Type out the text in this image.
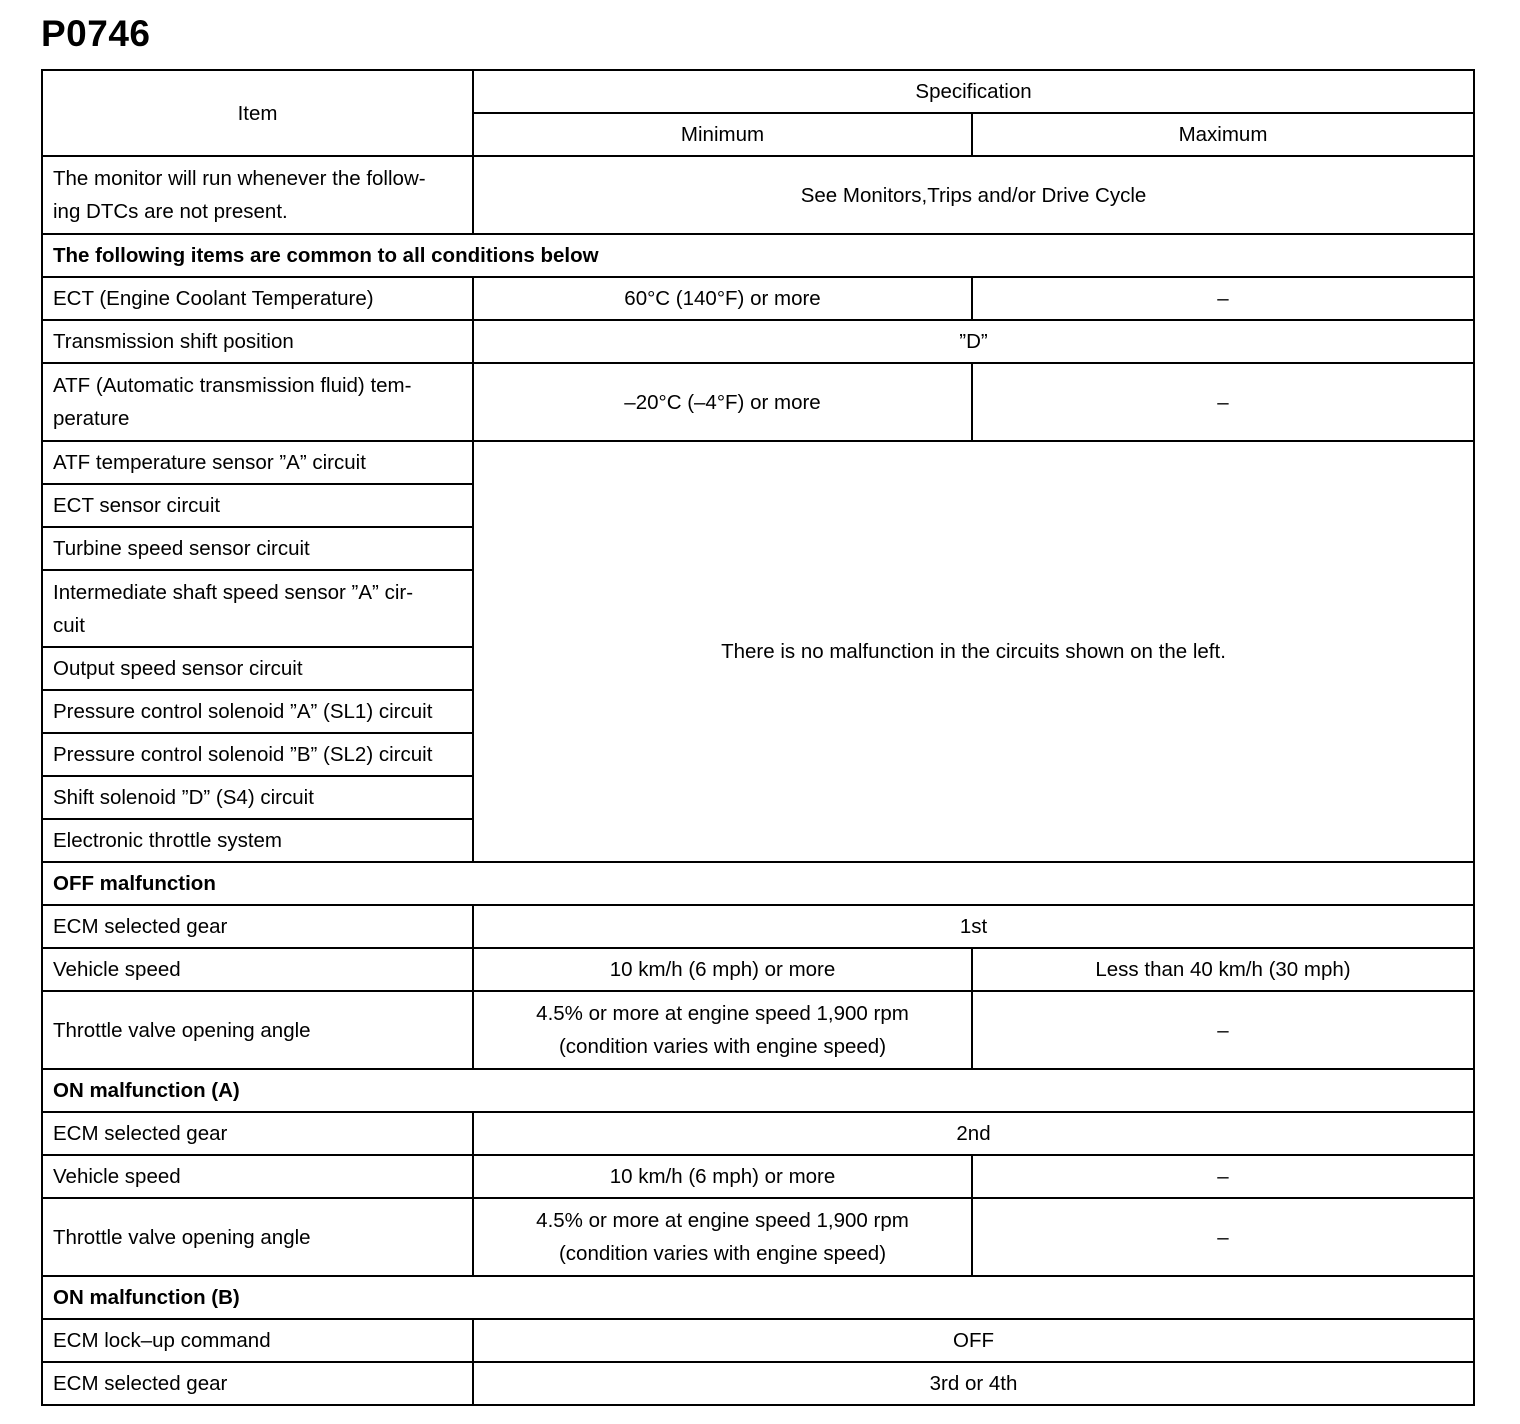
P0746
Item	Specification	
	Minimum	Maximum

The monitor will run whenever the follow-
ing DTCs are not present.	See Monitors,Trips and/or Drive Cycle	
The following items are common to all conditions below		
ECT (Engine Coolant Temperature)	60°C (140°F) or more	–
Transmission shift position	”D”	

ATF (Automatic transmission fluid) tem-
perature	–20°C (–4°F) or more	–
ATF temperature sensor ”A” circuit	There is no malfunction in the circuits shown on the left.	
ECT sensor circuit		
Turbine speed sensor circuit		

Intermediate shaft speed sensor ”A” cir-
cuit		

Output speed sensor circuit		
Pressure control solenoid ”A” (SL1) circuit		
Pressure control solenoid ”B” (SL2) circuit		
Shift solenoid ”D” (S4) circuit		
Electronic throttle system		
OFF malfunction		
ECM selected gear	1st	
Vehicle speed	10 km/h (6 mph) or more	Less than 40 km/h (30 mph)
Throttle valve opening angle	4.5% or more at engine speed 1,900 rpm
(condition varies with engine speed)	–
ON malfunction (A)		
ECM selected gear	2nd	
Vehicle speed	10 km/h (6 mph) or more	–
Throttle valve opening angle	4.5% or more at engine speed 1,900 rpm
(condition varies with engine speed)	–
ON malfunction (B)		
ECM lock–up command	OFF	
ECM selected gear	3rd or 4th	
